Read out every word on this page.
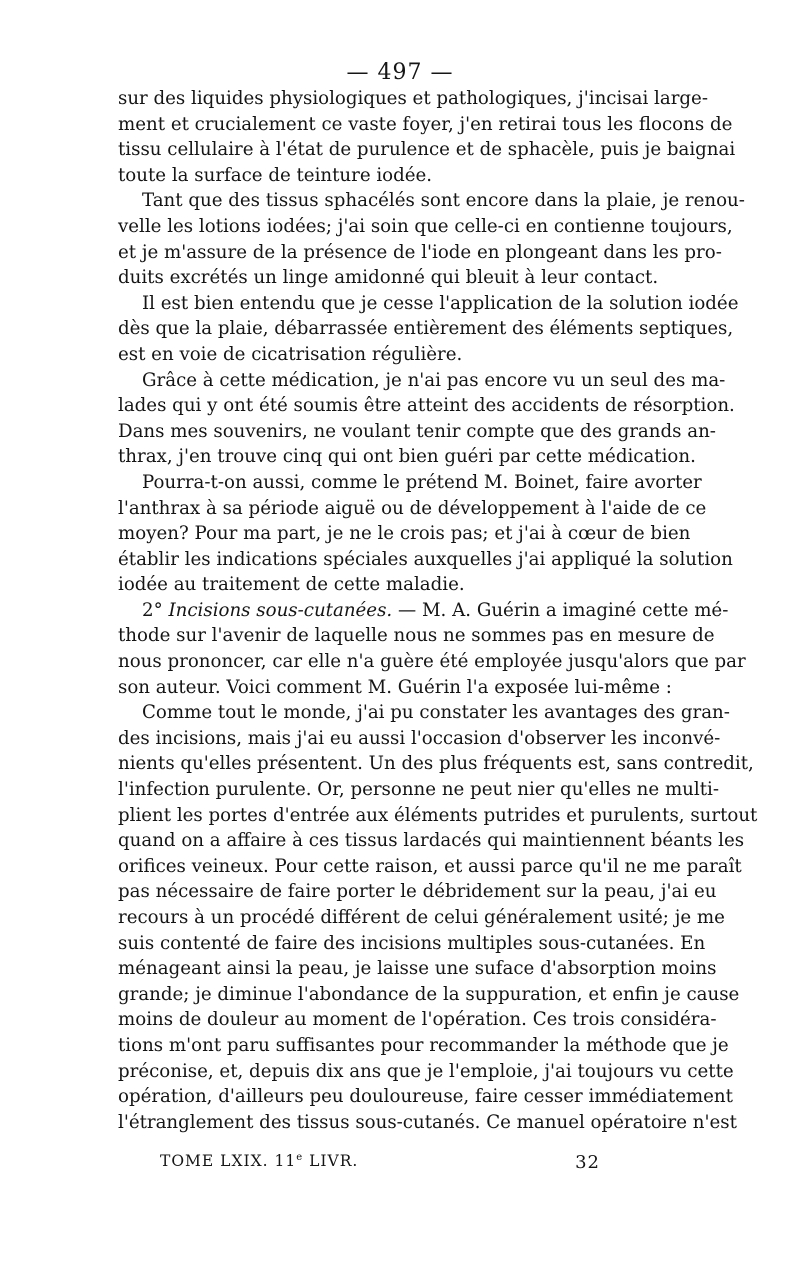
— 497 —
sur des liquides physiologiques et pathologiques, j'incisai large-
ment et crucialement ce vaste foyer, j'en retirai tous les flocons de
tissu cellulaire à l'état de purulence et de sphacèle, puis je baignai
toute la surface de teinture iodée.
Tant que des tissus sphacélés sont encore dans la plaie, je renou-
velle les lotions iodées; j'ai soin que celle-ci en contienne toujours,
et je m'assure de la présence de l'iode en plongeant dans les pro-
duits excrétés un linge amidonné qui bleuit à leur contact.
Il est bien entendu que je cesse l'application de la solution iodée
dès que la plaie, débarrassée entièrement des éléments septiques,
est en voie de cicatrisation régulière.
Grâce à cette médication, je n'ai pas encore vu un seul des ma-
lades qui y ont été soumis être atteint des accidents de résorption.
Dans mes souvenirs, ne voulant tenir compte que des grands an-
thrax, j'en trouve cinq qui ont bien guéri par cette médication.
Pourra-t-on aussi, comme le prétend M. Boinet, faire avorter
l'anthrax à sa période aiguë ou de développement à l'aide de ce
moyen? Pour ma part, je ne le crois pas; et j'ai à cœur de bien
établir les indications spéciales auxquelles j'ai appliqué la solution
iodée au traitement de cette maladie.
2° Incisions sous-cutanées. — M. A. Guérin a imaginé cette mé-
thode sur l'avenir de laquelle nous ne sommes pas en mesure de
nous prononcer, car elle n'a guère été employée jusqu'alors que par
son auteur. Voici comment M. Guérin l'a exposée lui-même :
Comme tout le monde, j'ai pu constater les avantages des gran-
des incisions, mais j'ai eu aussi l'occasion d'observer les inconvé-
nients qu'elles présentent. Un des plus fréquents est, sans contredit,
l'infection purulente. Or, personne ne peut nier qu'elles ne multi-
plient les portes d'entrée aux éléments putrides et purulents, surtout
quand on a affaire à ces tissus lardacés qui maintiennent béants les
orifices veineux. Pour cette raison, et aussi parce qu'il ne me paraît
pas nécessaire de faire porter le débridement sur la peau, j'ai eu
recours à un procédé différent de celui généralement usité; je me
suis contenté de faire des incisions multiples sous-cutanées. En
ménageant ainsi la peau, je laisse une suface d'absorption moins
grande; je diminue l'abondance de la suppuration, et enfin je cause
moins de douleur au moment de l'opération. Ces trois considéra-
tions m'ont paru suffisantes pour recommander la méthode que je
préconise, et, depuis dix ans que je l'emploie, j'ai toujours vu cette
opération, d'ailleurs peu douloureuse, faire cesser immédiatement
l'étranglement des tissus sous-cutanés. Ce manuel opératoire n'est
TOME LXIX. 11e LIVR.	32
